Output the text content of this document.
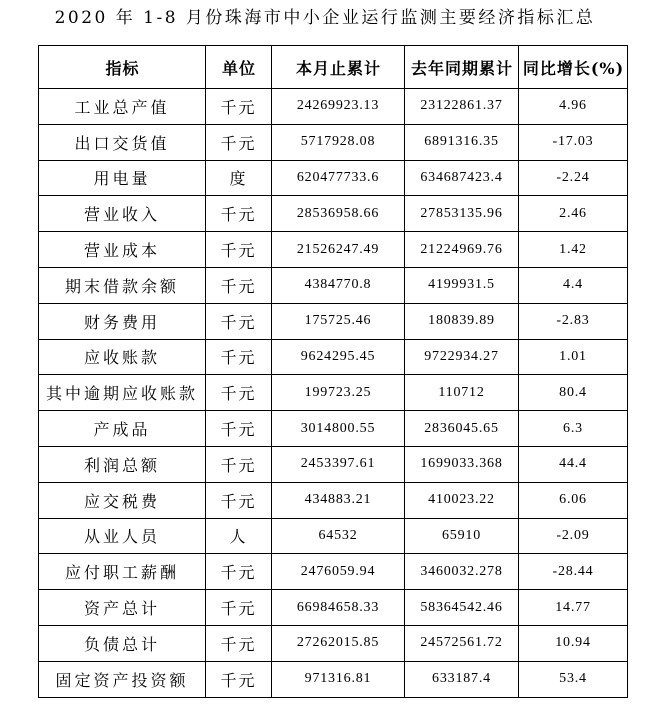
2020 年 1-8 月份珠海市中小企业运行监测主要经济指标汇总
指标	单位	本月止累计	去年同期累计	同比增长(%)
工业总产值	千元	24269923.13	23122861.37	4.96
出口交货值	千元	5717928.08	6891316.35	-17.03
用电量	度	620477733.6	634687423.4	-2.24
营业收入	千元	28536958.66	27853135.96	2.46
营业成本	千元	21526247.49	21224969.76	1.42
期末借款余额	千元	4384770.8	4199931.5	4.4
财务费用	千元	175725.46	180839.89	-2.83
应收账款	千元	9624295.45	9722934.27	1.01
其中逾期应收账款	千元	199723.25	110712	80.4
产成品	千元	3014800.55	2836045.65	6.3
利润总额	千元	2453397.61	1699033.368	44.4
应交税费	千元	434883.21	410023.22	6.06
从业人员	人	64532	65910	-2.09
应付职工薪酬	千元	2476059.94	3460032.278	-28.44
资产总计	千元	66984658.33	58364542.46	14.77
负债总计	千元	27262015.85	24572561.72	10.94
固定资产投资额	千元	971316.81	633187.4	53.4
